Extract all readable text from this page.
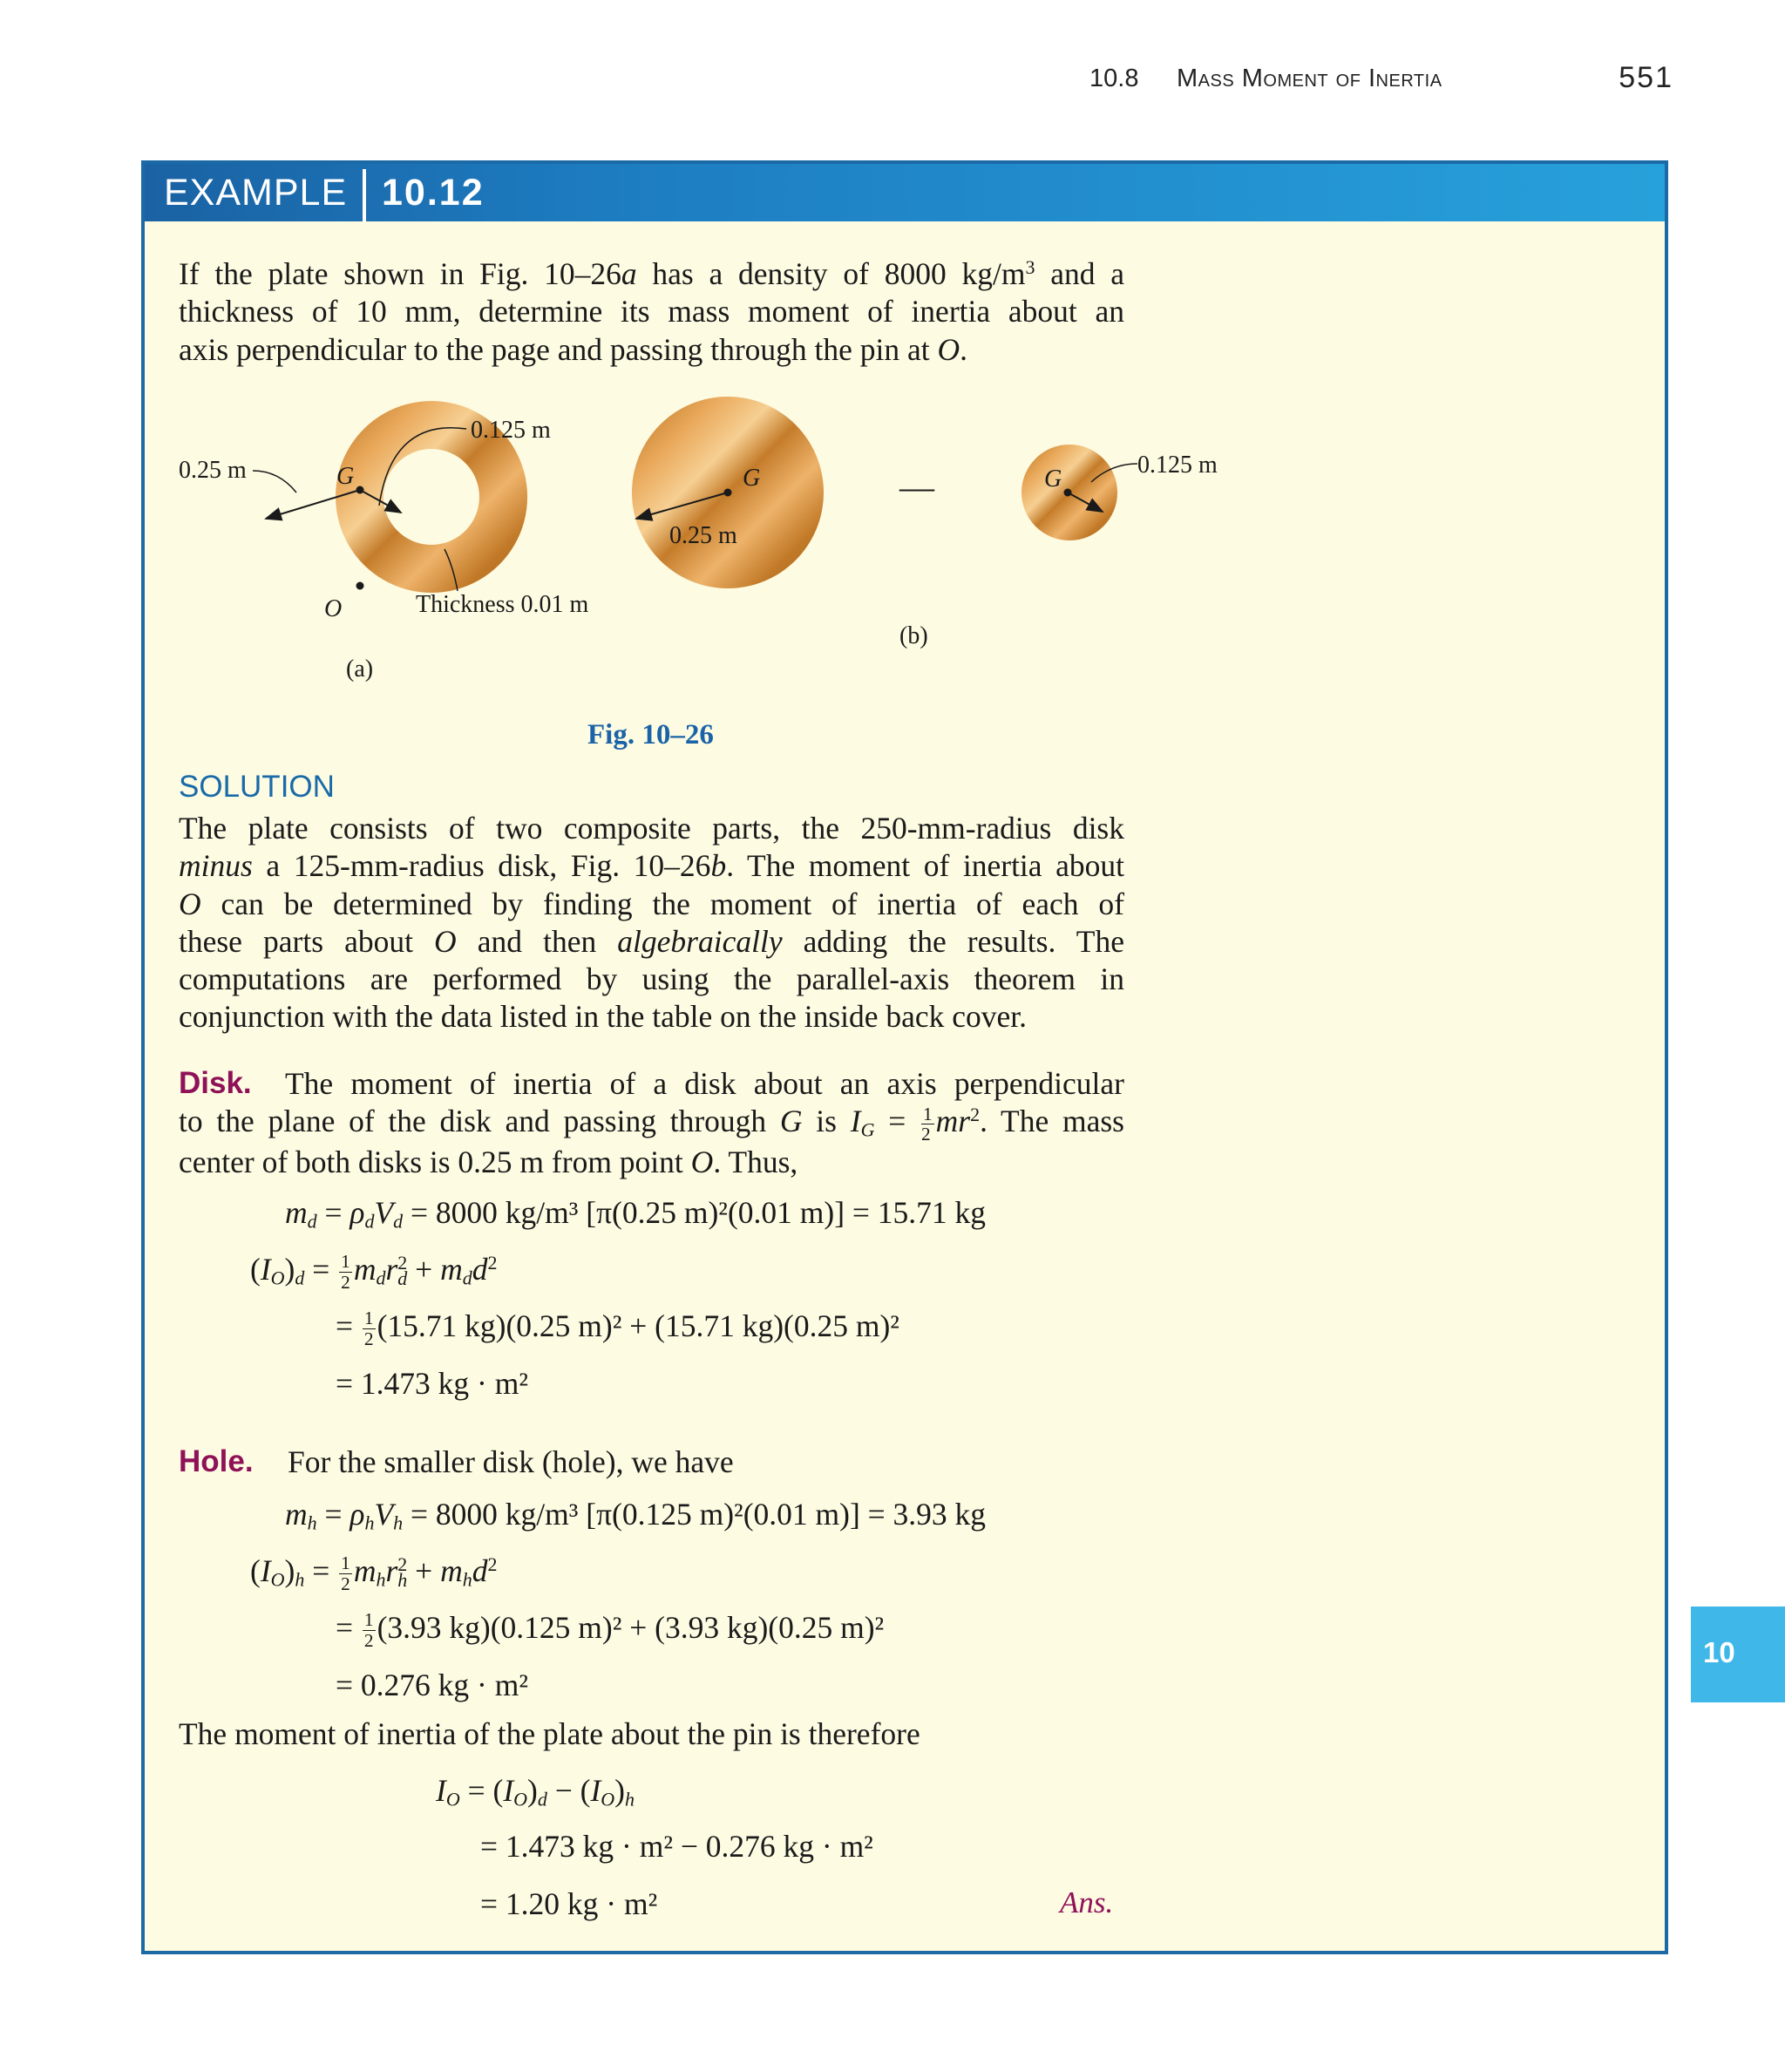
10.8 Mass Moment of Inertia	551
EXAMPLE 10.12
If the plate shown in Fig. 10–26a has a density of 8000 $kg/m^3$ and a
thickness of 10 mm, determine its mass moment of inertia about an
axis perpendicular to the page and passing through the pin at O.
0.25 m
0.125 m
G
O	Thickness 0.01 m
(a)
G
0.25 m
—	G
0.125 m
(b)
Fig. 10–26
SOLUTION
The plate consists of two composite parts, the 250-mm-radius disk
minus a 125-mm-radius disk, Fig. 10–26b. The moment of inertia about
O can be determined by finding the moment of inertia of each of
these parts about O and then algebraically adding the results. The
computations are performed by using the parallel-axis theorem in
conjunction with the data listed in the table on the inside back cover.
Disk.	The moment of inertia of a disk about an axis perpendicular
to the plane of the disk and passing through G is $I_G = \frac{1}{2} mr^2$. The mass
center of both disks is 0.25 m from point O. Thus,
$m_d = \rho_dV_d = 8000$ kg/m³ [π(0.25 m)²(0.01 m)] = 15.71 kg
$(I_O)_d = \frac{1}{2} m_dr^2_d + m_dd^2$
= $\frac{1}{2} (15.71$ kg)(0.25 m)² + (15.71 kg)(0.25 m)²
= 1.473 kg · m²
Hole. For the smaller disk (hole), we have
$m_h = \rho_hV_h = 8000$ kg/m³ [π(0.125 m)²(0.01 m)] = 3.93 kg
$(I_O)_h = \frac{1}{2} m_hr^2_h + m_hd^2$
= $\frac{1}{2} (3.93$ kg)(0.125 m)² + (3.93 kg)(0.25 m)²
= 0.276 kg · m²
The moment of inertia of the plate about the pin is therefore
$I_O = (I_O)_d - (I_O)_h$
= 1.473 kg · m² − 0.276 kg · m²
= 1.20 kg · m²	Ans.
10
